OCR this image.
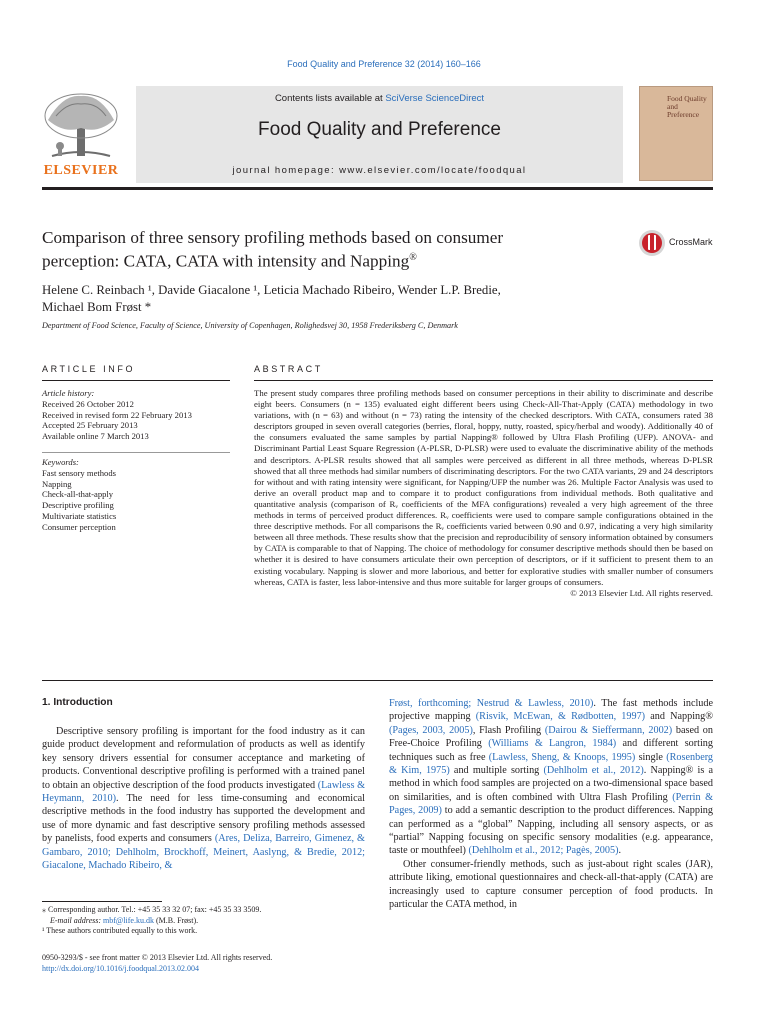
Food Quality and Preference 32 (2014) 160–166
ELSEVIER
Contents lists available at SciVerse ScienceDirect
Food Quality and Preference
journal homepage: www.elsevier.com/locate/foodqual
Food Quality and Preference
Comparison of three sensory profiling methods based on consumer
perception: CATA, CATA with intensity and Napping®
CrossMark
Helene C. Reinbach ¹, Davide Giacalone ¹, Leticia Machado Ribeiro, Wender L.P. Bredie,
Michael Bom Frøst *
Department of Food Science, Faculty of Science, University of Copenhagen, Rolighedsvej 30, 1958 Frederiksberg C, Denmark
ARTICLE INFO	ABSTRACT
Article history:
Received 26 October 2012
Received in revised form 22 February 2013
Accepted 25 February 2013
Available online 7 March 2013
Keywords:
Fast sensory methods
Napping
Check-all-that-apply
Descriptive profiling
Multivariate statistics
Consumer perception

The present study compares three profiling methods based on consumer perceptions in their ability to discriminate and describe eight beers. Consumers (n = 135) evaluated eight different beers using Check-All-That-Apply (CATA) methodology in two variations, with (n = 63) and without (n = 73) rating the intensity of the checked descriptors. With CATA, consumers rated 38 descriptors grouped in seven overall categories (berries, floral, hoppy, nutty, roasted, spicy/herbal and woody). Additionally 40 of the consumers evaluated the same samples by partial Napping® followed by Ultra Flash Profiling (UFP). ANOVA- and Discriminant Partial Least Square Regression (A-PLSR, D-PLSR) were used to evaluate the discriminative ability of the methods and descriptors. A-PLSR results showed that all samples were perceived as different in all three methods, whereas D-PLSR showed that all three methods had similar numbers of discriminating descriptors. For the two CATA variants, 29 and 24 descriptors for without and with rating intensity were significant, for Napping/UFP the number was 26. Multiple Factor Analysis was used to derive an overall product map and to compare it to product configurations from individual methods. Both qualitative and quantitative analysis (comparison of Rᵥ coefficients of the MFA configurations) revealed a very high agreement of the three methods in terms of perceived product differences. Rᵥ coefficients were used to compare sample configurations obtained in the three descriptive methods. For all comparisons the Rᵥ coefficients varied between 0.90 and 0.97, indicating a very high similarity between all three methods. These results show that the precision and reproducibility of sensory information obtained by consumers by CATA is comparable to that of Napping. The choice of methodology for consumer descriptive methods should then be based on whether it is desired to have consumers articulate their own perception of descriptors, or if it sufficient to present them to an existing vocabulary. Napping is slower and more laborious, and better for explorative studies with smaller number of consumers whereas, CATA is faster, less labor-intensive and thus more suitable for larger groups of consumers.

© 2013 Elsevier Ltd. All rights reserved.

1. Introduction

Descriptive sensory profiling is important for the food industry as it can guide product development and reformulation of products as well as identify key sensory drivers essential for consumer acceptance and marketing of products. Conventional descriptive profiling is performed with a trained panel to obtain an objective description of the food products investigated (Lawless & Heymann, 2010). The need for less time-consuming and economical descriptive methods in the food industry has supported the development and use of more dynamic and fast descriptive sensory profiling methods assessed by panelists, food experts and consumers (Ares, Deliza, Barreiro, Gimenez, & Gambaro, 2010; Dehlholm, Brockhoff, Meinert, Aaslyng, & Bredie, 2012; Giacalone, Machado Ribeiro, &

Frøst, forthcoming; Nestrud & Lawless, 2010). The fast methods include projective mapping (Risvik, McEwan, & Rødbotten, 1997) and Napping® (Pages, 2003, 2005), Flash Profiling (Dairou & Sieffermann, 2002) based on Free-Choice Profiling (Williams & Langron, 1984) and different sorting techniques such as free (Lawless, Sheng, & Knoops, 1995) single (Rosenberg & Kim, 1975) and multiple sorting (Dehlholm et al., 2012). Napping® is a method in which food samples are projected on a two-dimensional space based on similarities, and is often combined with Ultra Flash Profiling (Perrin & Pages, 2009) to add a semantic description to the product differences. Napping can performed as a “global” Napping, including all sensory aspects, or as “partial” Napping focusing on specific sensory modalities (e.g. appearance, taste or mouthfeel) (Dehlholm et al., 2012; Pagès, 2005).

Other consumer-friendly methods, such as just-about right scales (JAR), attribute liking, emotional questionnaires and check-all-that-apply (CATA) are increasingly used to capture consumer perception of food products. In particular the CATA method, in

⁎ Corresponding author. Tel.: +45 35 33 32 07; fax: +45 35 33 3509.
E-mail address: mbf@life.ku.dk (M.B. Frøst).
¹ These authors contributed equally to this work.
0950-3293/$ - see front matter © 2013 Elsevier Ltd. All rights reserved.
http://dx.doi.org/10.1016/j.foodqual.2013.02.004
